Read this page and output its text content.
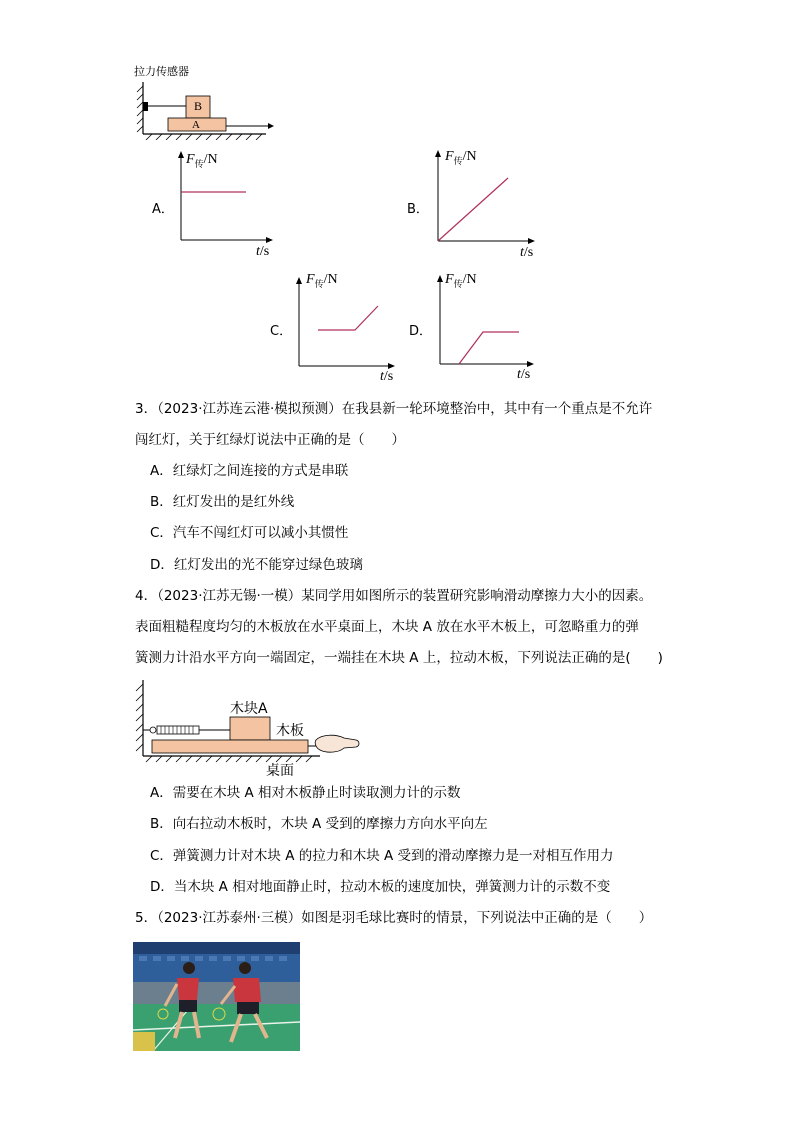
拉力传感器
B
A
A．
$F_传/N$
t/s
B．
$F_传/N$
t/s
C．
$F_传/N$
t/s
D．
$F_传/N$
t/s
3．（2023·江苏连云港·模拟预测）在我县新一轮环境整治中，其中有一个重点是不允许
闯红灯，关于红绿灯说法中正确的是（　　）
A．红绿灯之间连接的方式是串联
B．红灯发出的是红外线
C．汽车不闯红灯可以减小其惯性
D．红灯发出的光不能穿过绿色玻璃
4．（2023·江苏无锡·一模）某同学用如图所示的装置研究影响滑动摩擦力大小的因素。
表面粗糙程度均匀的木板放在水平桌面上，木块 A 放在水平木板上，可忽略重力的弹
簧测力计沿水平方向一端固定，一端挂在木块 A 上，拉动木板，下列说法正确的是(　　)
木块A
木板
桌面
A．需要在木块 A 相对木板静止时读取测力计的示数
B．向右拉动木板时，木块 A 受到的摩擦力方向水平向左
C．弹簧测力计对木块 A 的拉力和木块 A 受到的滑动摩擦力是一对相互作用力
D．当木块 A 相对地面静止时，拉动木板的速度加快，弹簧测力计的示数不变
5．（2023·江苏泰州·三模）如图是羽毛球比赛时的情景，下列说法中正确的是（　　）
